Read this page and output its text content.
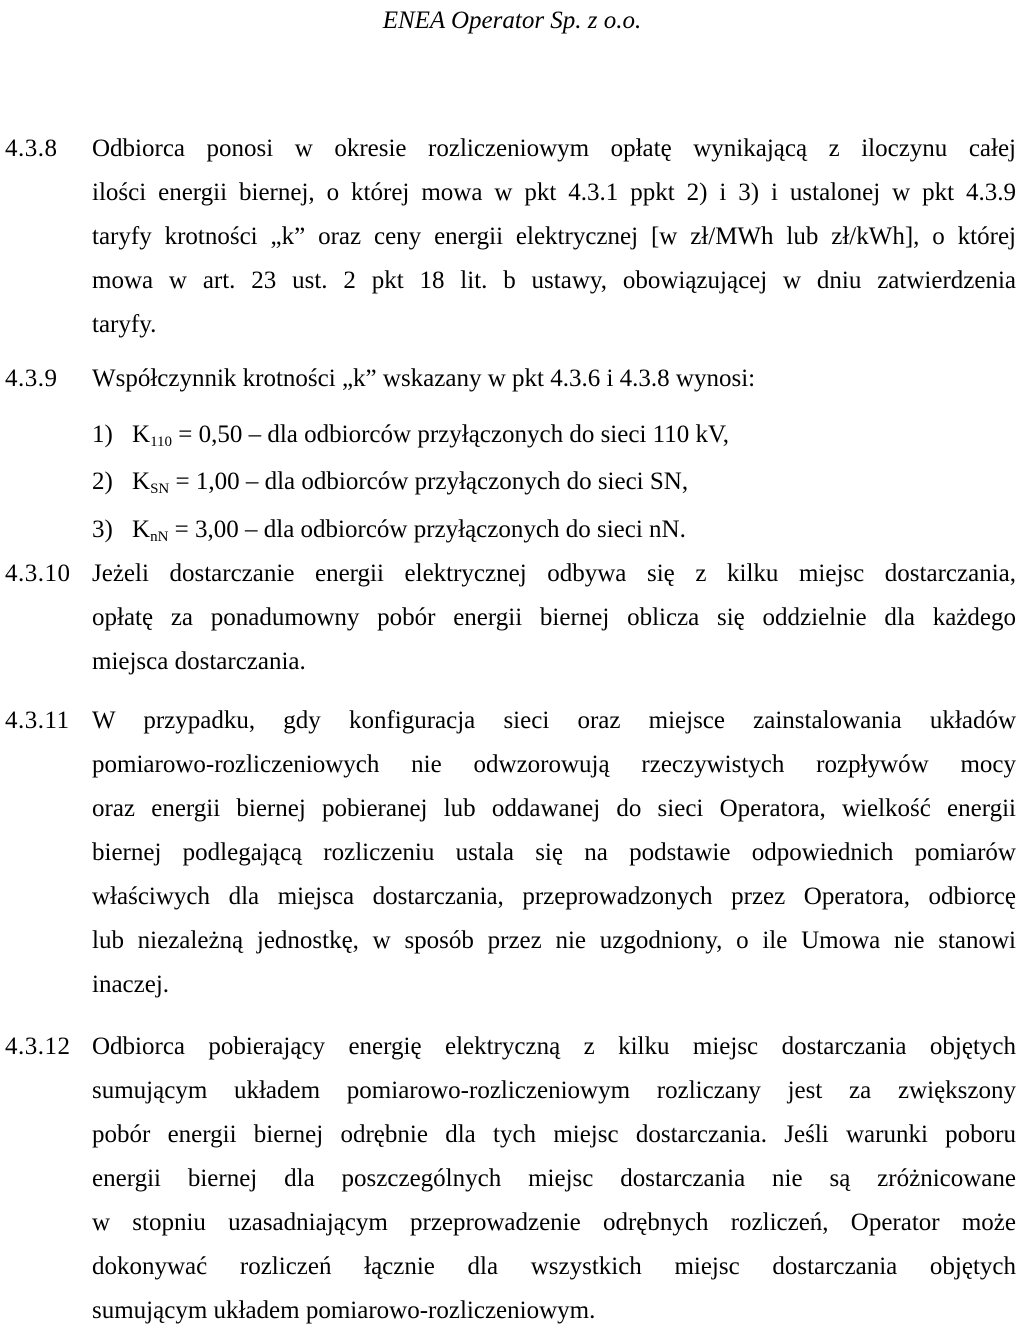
ENEA Operator Sp. z o.o.
4.3.8 Odbiorca ponosi w okresie rozliczeniowym opłatę wynikającą z iloczynu całej
ilości energii biernej, o której mowa w pkt 4.3.1 ppkt 2) i 3) i ustalonej w pkt 4.3.9
taryfy krotności „k” oraz ceny energii elektrycznej [w zł/MWh lub zł/kWh], o której
mowa w art. 23 ust. 2 pkt 18 lit. b ustawy, obowiązującej w dniu zatwierdzenia
taryfy.
4.3.9 Współczynnik krotności „k” wskazany w pkt 4.3.6 i 4.3.8 wynosi:
1) K110 = 0,50 – dla odbiorców przyłączonych do sieci 110 kV,
2) KSN = 1,00 – dla odbiorców przyłączonych do sieci SN,
3) KnN = 3,00 – dla odbiorców przyłączonych do sieci nN.
4.3.10 Jeżeli dostarczanie energii elektrycznej odbywa się z kilku miejsc dostarczania,
opłatę za ponadumowny pobór energii biernej oblicza się oddzielnie dla każdego
miejsca dostarczania.
4.3.11 W przypadku, gdy konfiguracja sieci oraz miejsce zainstalowania układów
pomiarowo-rozliczeniowych nie odwzorowują rzeczywistych rozpływów mocy
oraz energii biernej pobieranej lub oddawanej do sieci Operatora, wielkość energii
biernej podlegającą rozliczeniu ustala się na podstawie odpowiednich pomiarów
właściwych dla miejsca dostarczania, przeprowadzonych przez Operatora, odbiorcę
lub niezależną jednostkę, w sposób przez nie uzgodniony, o ile Umowa nie stanowi
inaczej.
4.3.12 Odbiorca pobierający energię elektryczną z kilku miejsc dostarczania objętych
sumującym układem pomiarowo-rozliczeniowym rozliczany jest za zwiększony
pobór energii biernej odrębnie dla tych miejsc dostarczania. Jeśli warunki poboru
energii biernej dla poszczególnych miejsc dostarczania nie są zróżnicowane
w stopniu uzasadniającym przeprowadzenie odrębnych rozliczeń, Operator może
dokonywać rozliczeń łącznie dla wszystkich miejsc dostarczania objętych
sumującym układem pomiarowo-rozliczeniowym.
